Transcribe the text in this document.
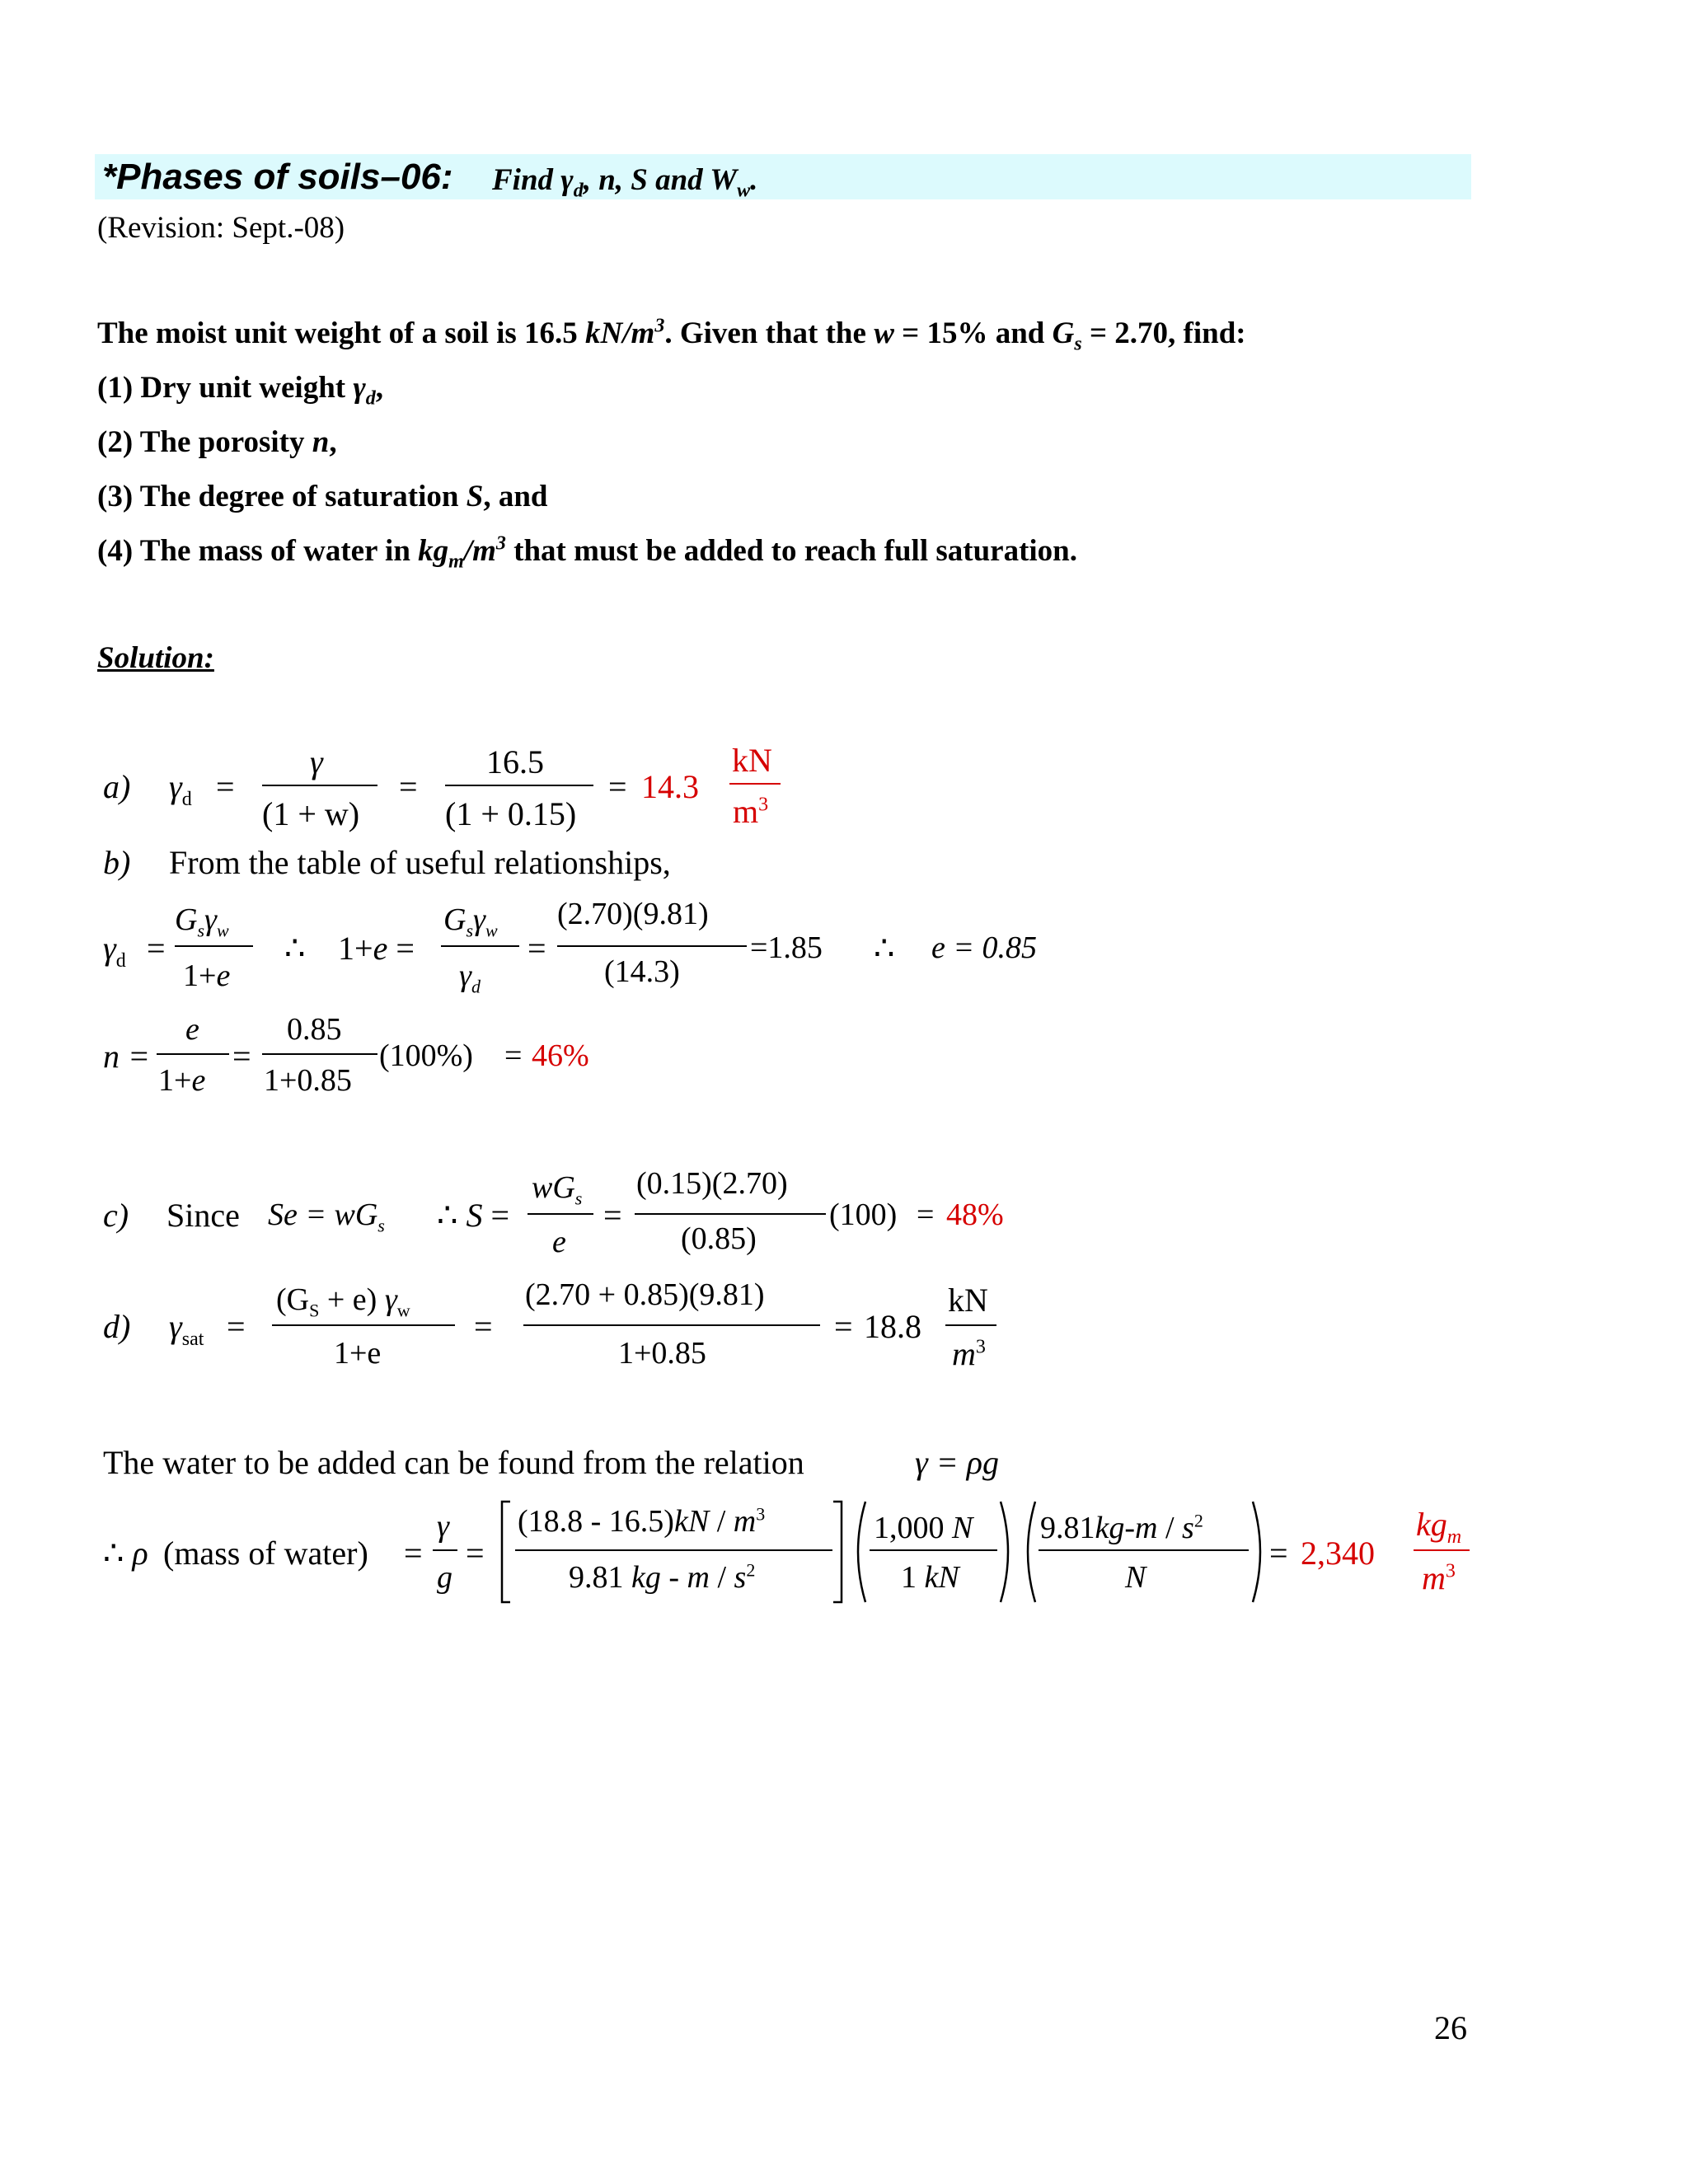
*Phases of soils–06: Find $\gamma_d$, n, S and $W_w$.
(Revision: Sept.-08)
The moist unit weight of a soil is 16.5 $kN/m^3$. Given that the w = 15% and $G_s = 2.70$, find:
(1) Dry unit weight $\gamma_d$,
(2) The porosity n,
(3) The degree of saturation S, and
(4) The mass of water in $kg_m/m^3$ that must be added to reach full saturation.
Solution:
a) $\gamma_d$ =
γ
(1 + w)
=
16.5
(1 + 0.15)
= 14.3
kN
$m^3$
b) From the table of useful relationships,
$\gamma_d$ =
$G_s\gamma_w$
1+e
∴ 1+e =
$G_s\gamma_w$
$\gamma_d$
=
(2.70)(9.81)
(14.3)
=1.85 ∴ e = 0.85
n =
e
1+e
=
0.85
1+0.85
(100%) = 46%
c) Since $Se = wG_s$ ∴ S =
$wG_s$
e
=
(0.15)(2.70)
(0.85)
(100) = 48%
d) $\gamma_{sat}$ =
$(G_S + e)$ $\gamma_w$
1+e
=
(2.70 + 0.85)(9.81)
1+0.85
= 18.8
kN
$m^3$
The water to be added can be found from the relation	γ = ρg
∴ ρ (mass of water) =
γ
g
=
$(18.8 - 16.5)kN / m^3$
9.81 kg - m / $s^2$
1,000 N
1 kN
$9.81kg-m / s^2$
N
= 2,340
$kg_m$
$m^3$
26
